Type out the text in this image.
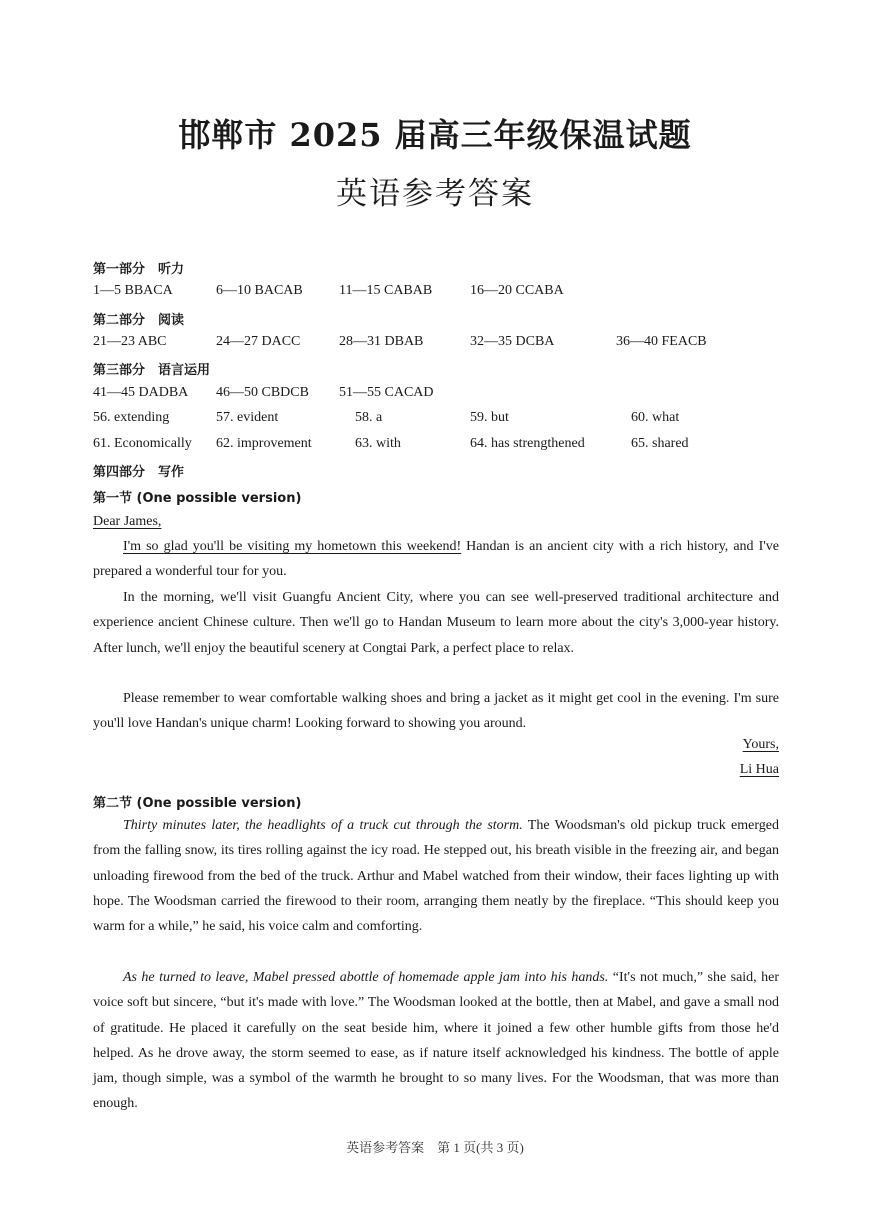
邯郸市 2025 届高三年级保温试题
英语参考答案
第一部分　听力
1—5 BBACA	6—10 BACAB	11—15 CABAB	16—20 CCABA
第二部分　阅读
21—23 ABC	24—27 DACC	28—31 DBAB	32—35 DCBA	36—40 FEACB
第三部分　语言运用
41—45 DADBA 46—50 CBDCB 51—55 CACAD
56. extending	57. evident	58. a	59. but	60. what
61. Economically 62. improvement	63. with	64. has strengthened	65. shared
第四部分　写作
第一节 (One possible version)
Dear James,
I'm so glad you'll be visiting my hometown this weekend! Handan is an ancient city with a rich history, and I've prepared a wonderful tour for you.
In the morning, we'll visit Guangfu Ancient City, where you can see well-preserved traditional architecture and experience ancient Chinese culture. Then we'll go to Handan Museum to learn more about the city's 3,000-year history. After lunch, we'll enjoy the beautiful scenery at Congtai Park, a perfect place to relax.
Please remember to wear comfortable walking shoes and bring a jacket as it might get cool in the evening. I'm sure you'll love Handan's unique charm! Looking forward to showing you around.
Yours,
Li Hua
第二节 (One possible version)
Thirty minutes later, the headlights of a truck cut through the storm. The Woodsman's old pickup truck emerged from the falling snow, its tires rolling against the icy road. He stepped out, his breath visible in the freezing air, and began unloading firewood from the bed of the truck. Arthur and Mabel watched from their window, their faces lighting up with hope. The Woodsman carried the firewood to their room, arranging them neatly by the fireplace. “This should keep you warm for a while,” he said, his voice calm and comforting.
As he turned to leave, Mabel pressed abottle of homemade apple jam into his hands. “It's not much,” she said, her voice soft but sincere, “but it's made with love.” The Woodsman looked at the bottle, then at Mabel, and gave a small nod of gratitude. He placed it carefully on the seat beside him, where it joined a few other humble gifts from those he'd helped. As he drove away, the storm seemed to ease, as if nature itself acknowledged his kindness. The bottle of apple jam, though simple, was a symbol of the warmth he brought to so many lives. For the Woodsman, that was more than enough.
英语参考答案　第 1 页(共 3 页)
